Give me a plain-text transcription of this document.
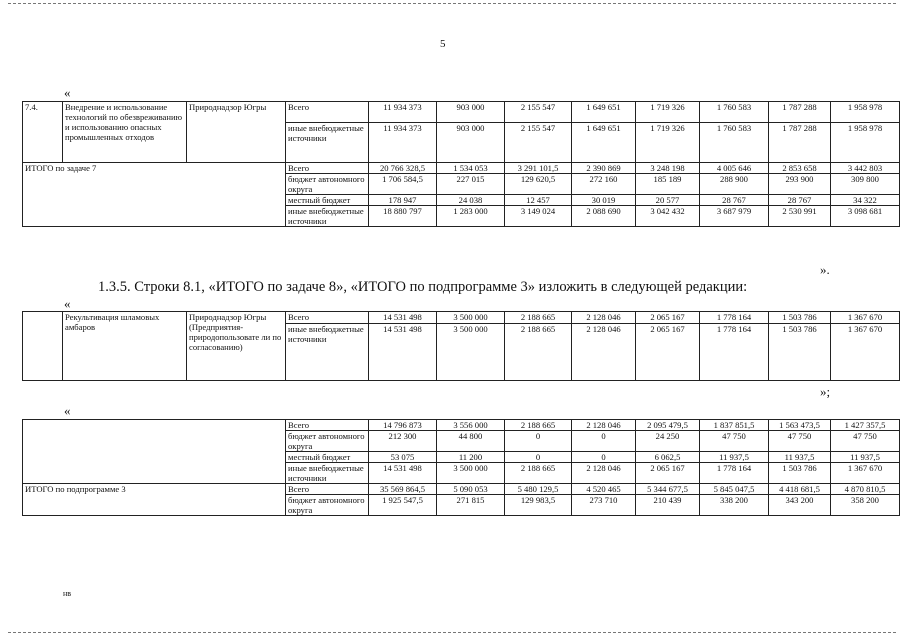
5
«
7.4.	Внедрение и использование технологий по обезвреживанию и использованию опасных промышленных отходов	Природнадзор Югры	Всего	11 934 373	903 000	2 155 547	1 649 651	1 719 326	1 760 583	1 787 288	1 958 978
			иные внебюджетные источники	11 934 373	903 000	2 155 547	1 649 651	1 719 326	1 760 583	1 787 288	1 958 978
ИТОГО по задаче 7			Всего	20 766 328,5	1 534 053	3 291 101,5	2 390 869	3 248 198	4 005 646	2 853 658	3 442 803
			бюджет автономного округа	1 706 584,5	227 015	129 620,5	272 160	185 189	288 900	293 900	309 800
			местный бюджет	178 947	24 038	12 457	30 019	20 577	28 767	28 767	34 322
			иные внебюджетные источники	18 880 797	1 283 000	3 149 024	2 088 690	3 042 432	3 687 979	2 530 991	3 098 681
».
1.3.5. Строки 8.1, «ИТОГО по задаче 8», «ИТОГО по подпрограмме 3» изложить в следующей редакции:
«
	Рекультивация шламовых амбаров	Природнадзор Югры (Предприятия-природопользовате ли по согласованию)	Всего	14 531 498	3 500 000	2 188 665	2 128 046	2 065 167	1 778 164	1 503 786	1 367 670
			иные внебюджетные источники	14 531 498	3 500 000	2 188 665	2 128 046	2 065 167	1 778 164	1 503 786	1 367 670
»;
«
	Всего	14 796 873	3 556 000	2 188 665	2 128 046	2 095 479,5	1 837 851,5	1 563 473,5	1 427 357,5
	бюджет автономного округа	212 300	44 800	0	0	24 250	47 750	47 750	47 750
	местный бюджет	53 075	11 200	0	0	6 062,5	11 937,5	11 937,5	11 937,5
	иные внебюджетные источники	14 531 498	3 500 000	2 188 665	2 128 046	2 065 167	1 778 164	1 503 786	1 367 670
ИТОГО по подпрограмме 3	Всего	35 569 864,5	5 090 053	5 480 129,5	4 520 465	5 344 677,5	5 845 047,5	4 418 681,5	4 870 810,5
	бюджет автономного округа	1 925 547,5	271 815	129 983,5	273 710	210 439	338 200	343 200	358 200
нв
